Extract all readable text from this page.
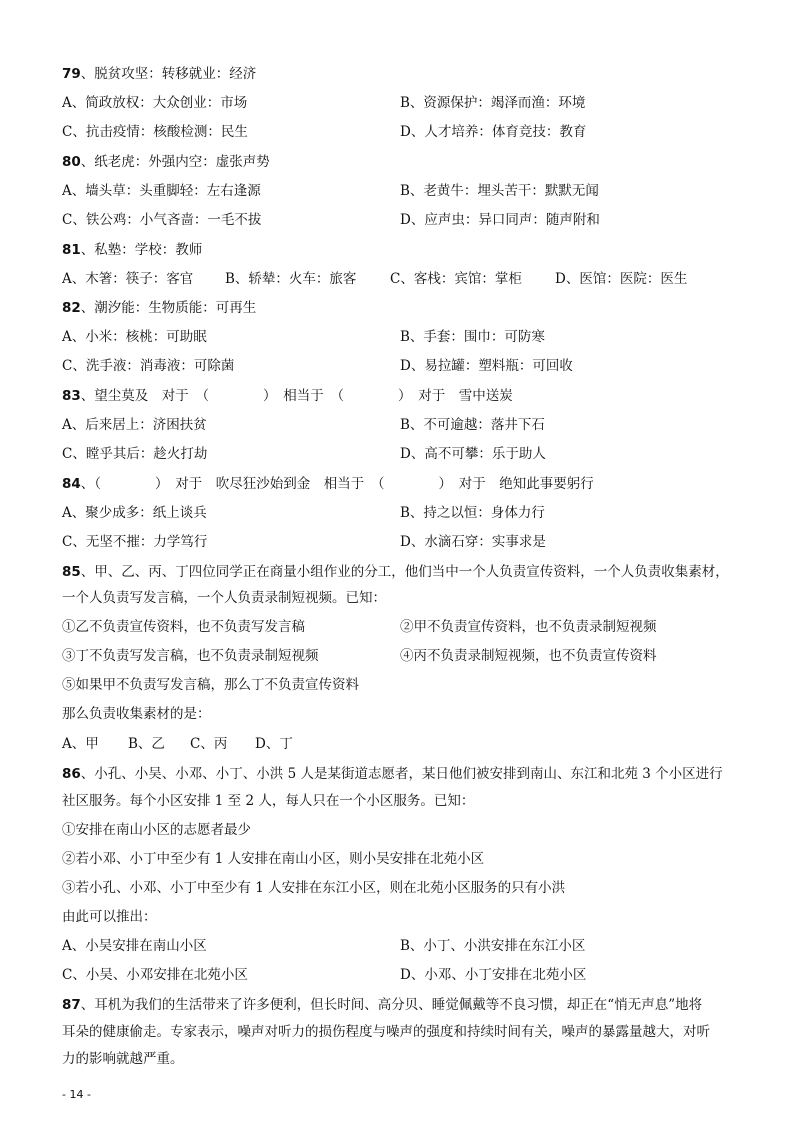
79、脱贫攻坚：转移就业：经济
A、简政放权：大众创业：市场	B、资源保护：竭泽而渔：环境
C、抗击疫情：核酸检测：民生	D、人才培养：体育竞技：教育
80、纸老虎：外强内空：虚张声势
A、墙头草：头重脚轻：左右逢源	B、老黄牛：埋头苦干：默默无闻
C、铁公鸡：小气吝啬：一毛不拔	D、应声虫：异口同声：随声附和
81、私塾：学校：教师
A、木箸：筷子：客官 B、轿辇：火车：旅客 C、客栈：宾馆：掌柜 D、医馆：医院：医生
82、潮汐能：生物质能：可再生
A、小米：核桃：可助眠	B、手套：围巾：可防寒
C、洗手液：消毒液：可除菌	D、易拉罐：塑料瓶：可回收
83、望尘莫及　对于　（　　　　）　相当于　（　　　　）　对于　雪中送炭
A、后来居上：济困扶贫	B、不可逾越：落井下石
C、瞠乎其后：趁火打劫	D、高不可攀：乐于助人
84、（　　　　）　对于　吹尽狂沙始到金　相当于　（　　　　）　对于　绝知此事要躬行
A、聚少成多：纸上谈兵	B、持之以恒：身体力行
C、无坚不摧：力学笃行	D、水滴石穿：实事求是
85、甲、乙、丙、丁四位同学正在商量小组作业的分工，他们当中一个人负责宣传资料，一个人负责收集素材，
一个人负责写发言稿，一个人负责录制短视频。已知：
①乙不负责宣传资料，也不负责写发言稿	②甲不负责宣传资料，也不负责录制短视频
③丁不负责写发言稿，也不负责录制短视频	④丙不负责录制短视频，也不负责宣传资料
⑤如果甲不负责写发言稿，那么丁不负责宣传资料
那么负责收集素材的是：
A、甲 B、乙 C、丙 D、丁
86、小孔、小吴、小邓、小丁、小洪 5 人是某街道志愿者，某日他们被安排到南山、东江和北苑 3 个小区进行
社区服务。每个小区安排 1 至 2 人，每人只在一个小区服务。已知：
①安排在南山小区的志愿者最少
②若小邓、小丁中至少有 1 人安排在南山小区，则小吴安排在北苑小区
③若小孔、小邓、小丁中至少有 1 人安排在东江小区，则在北苑小区服务的只有小洪
由此可以推出：
A、小吴安排在南山小区	B、小丁、小洪安排在东江小区
C、小吴、小邓安排在北苑小区	D、小邓、小丁安排在北苑小区
87、耳机为我们的生活带来了许多便利，但长时间、高分贝、睡觉佩戴等不良习惯，却正在“悄无声息”地将
耳朵的健康偷走。专家表示，噪声对听力的损伤程度与噪声的强度和持续时间有关，噪声的暴露量越大，对听
力的影响就越严重。
- 14 -
